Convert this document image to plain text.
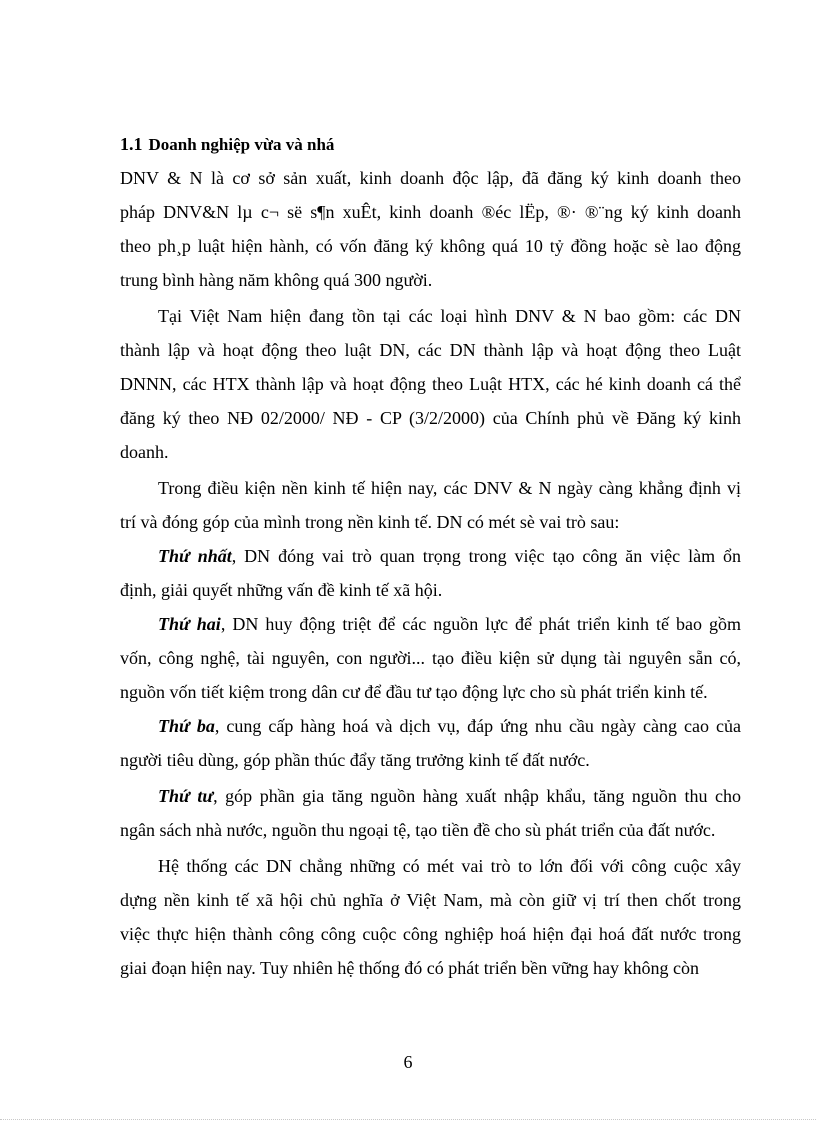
1.1 Doanh nghiệp vừa và nhá
DNV & N là cơ sở sản xuất, kinh doanh độc lập, đã đăng ký kinh doanh theo
pháp DNV&N lµ c¬ së s¶n xuÊt, kinh doanh ®éc lËp, ®· ®¨ng ký kinh doanh
theo ph¸p luật hiện hành, có vốn đăng ký không quá 10 tỷ đồng hoặc sè lao động
trung bình hàng năm không quá 300 người.
Tại Việt Nam hiện đang tồn tại các loại hình DNV & N bao gồm: các DN
thành lập và hoạt động theo luật DN, các DN thành lập và hoạt động theo Luật
DNNN, các HTX thành lập và hoạt động theo Luật HTX, các hé kinh doanh cá thể
đăng ký theo NĐ 02/2000/ NĐ - CP (3/2/2000) của Chính phủ về Đăng ký kinh
doanh.
Trong điều kiện nền kinh tế hiện nay, các DNV & N ngày càng khẳng định vị
trí và đóng góp của mình trong nền kinh tế. DN có mét sè vai trò sau:
Thứ nhất, DN đóng vai trò quan trọng trong việc tạo công ăn việc làm ổn
định, giải quyết những vấn đề kinh tế xã hội.
Thứ hai, DN huy động triệt để các nguồn lực để phát triển kinh tế bao gồm
vốn, công nghệ, tài nguyên, con người... tạo điều kiện sử dụng tài nguyên sẵn có,
nguồn vốn tiết kiệm trong dân cư để đầu tư tạo động lực cho sù phát triển kinh tế.
Thứ ba, cung cấp hàng hoá và dịch vụ, đáp ứng nhu cầu ngày càng cao của
người tiêu dùng, góp phần thúc đẩy tăng trưởng kinh tế đất nước.
Thứ tư, góp phần gia tăng nguồn hàng xuất nhập khẩu, tăng nguồn thu cho
ngân sách nhà nước, nguồn thu ngoại tệ, tạo tiền đề cho sù phát triển của đất nước.
Hệ thống các DN chẳng những có mét vai trò to lớn đối với công cuộc xây
dựng nền kinh tế xã hội chủ nghĩa ở Việt Nam, mà còn giữ vị trí then chốt trong
việc thực hiện thành công công cuộc công nghiệp hoá hiện đại hoá đất nước trong
giai đoạn hiện nay. Tuy nhiên hệ thống đó có phát triển bền vững hay không còn
6
